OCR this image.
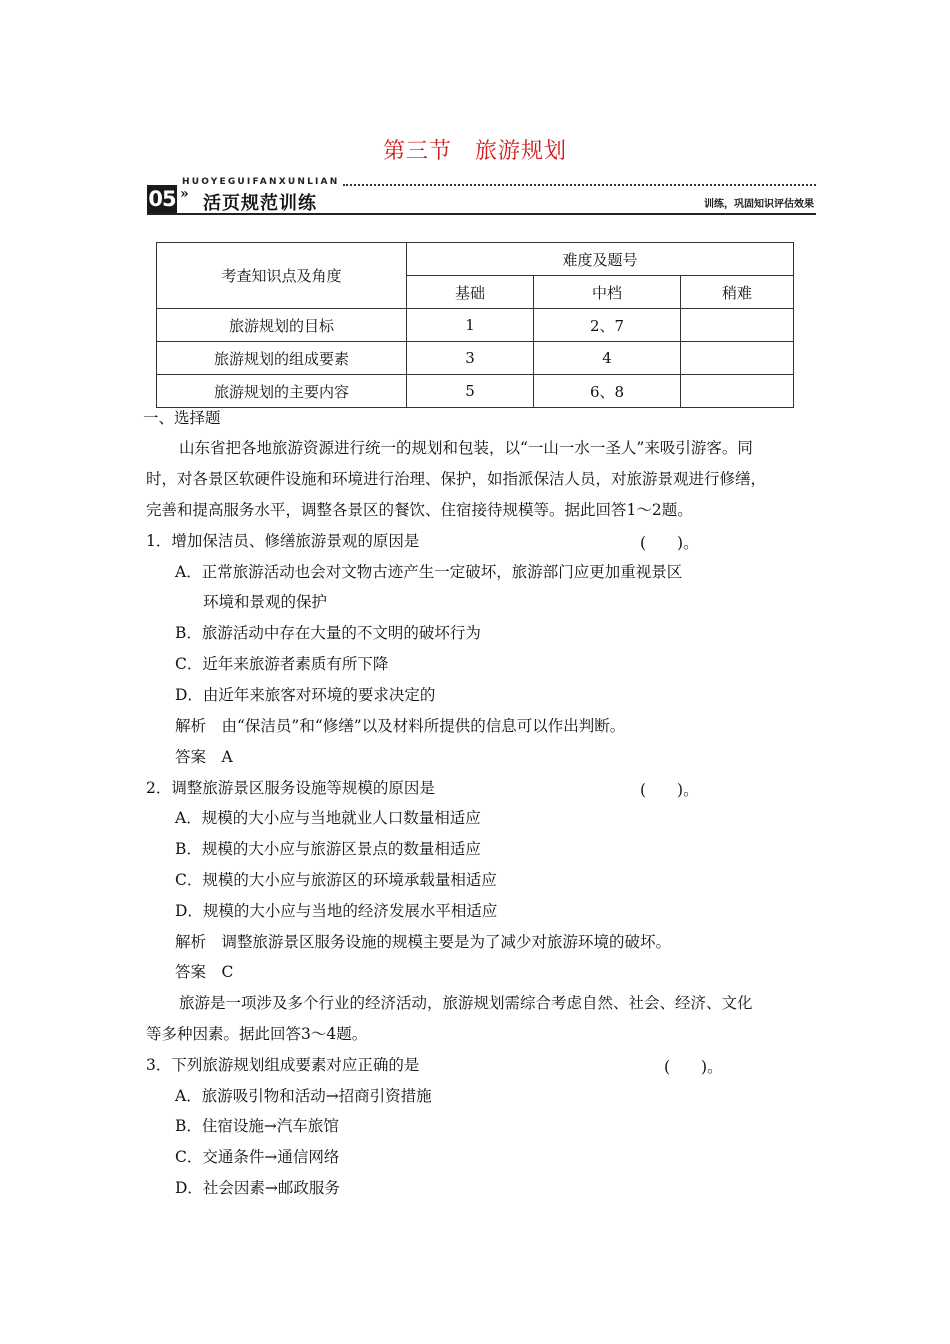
第三节　旅游规划
HUOYEGUIFANXUNLIAN
05 » 活页规范训练	训练，巩固知识评估效果
考查知识点及角度	难度及题号		
	基础	中档	稍难
旅游规划的目标	1	2、7	
旅游规划的组成要素	3	4	
旅游规划的主要内容	5	6、8	
一、选择题
山东省把各地旅游资源进行统一的规划和包装，以“一山一水一圣人”来吸引游客。同
时，对各景区软硬件设施和环境进行治理、保护，如指派保洁人员，对旅游景观进行修缮，
完善和提高服务水平，调整各景区的餐饮、住宿接待规模等。据此回答1～2题。
1．增加保洁员、修缮旅游景观的原因是	(　　)。
A．正常旅游活动也会对文物古迹产生一定破坏，旅游部门应更加重视景区
环境和景观的保护
B．旅游活动中存在大量的不文明的破坏行为
C．近年来旅游者素质有所下降
D．由近年来旅客对环境的要求决定的
解析　由“保洁员”和“修缮”以及材料所提供的信息可以作出判断。
答案　A
2．调整旅游景区服务设施等规模的原因是	(　　)。
A．规模的大小应与当地就业人口数量相适应
B．规模的大小应与旅游区景点的数量相适应
C．规模的大小应与旅游区的环境承载量相适应
D．规模的大小应与当地的经济发展水平相适应
解析　调整旅游景区服务设施的规模主要是为了减少对旅游环境的破坏。
答案　C
旅游是一项涉及多个行业的经济活动，旅游规划需综合考虑自然、社会、经济、文化
等多种因素。据此回答3～4题。
3．下列旅游规划组成要素对应正确的是	(　　)。
A．旅游吸引物和活动→招商引资措施
B．住宿设施→汽车旅馆
C．交通条件→通信网络
D．社会因素→邮政服务
